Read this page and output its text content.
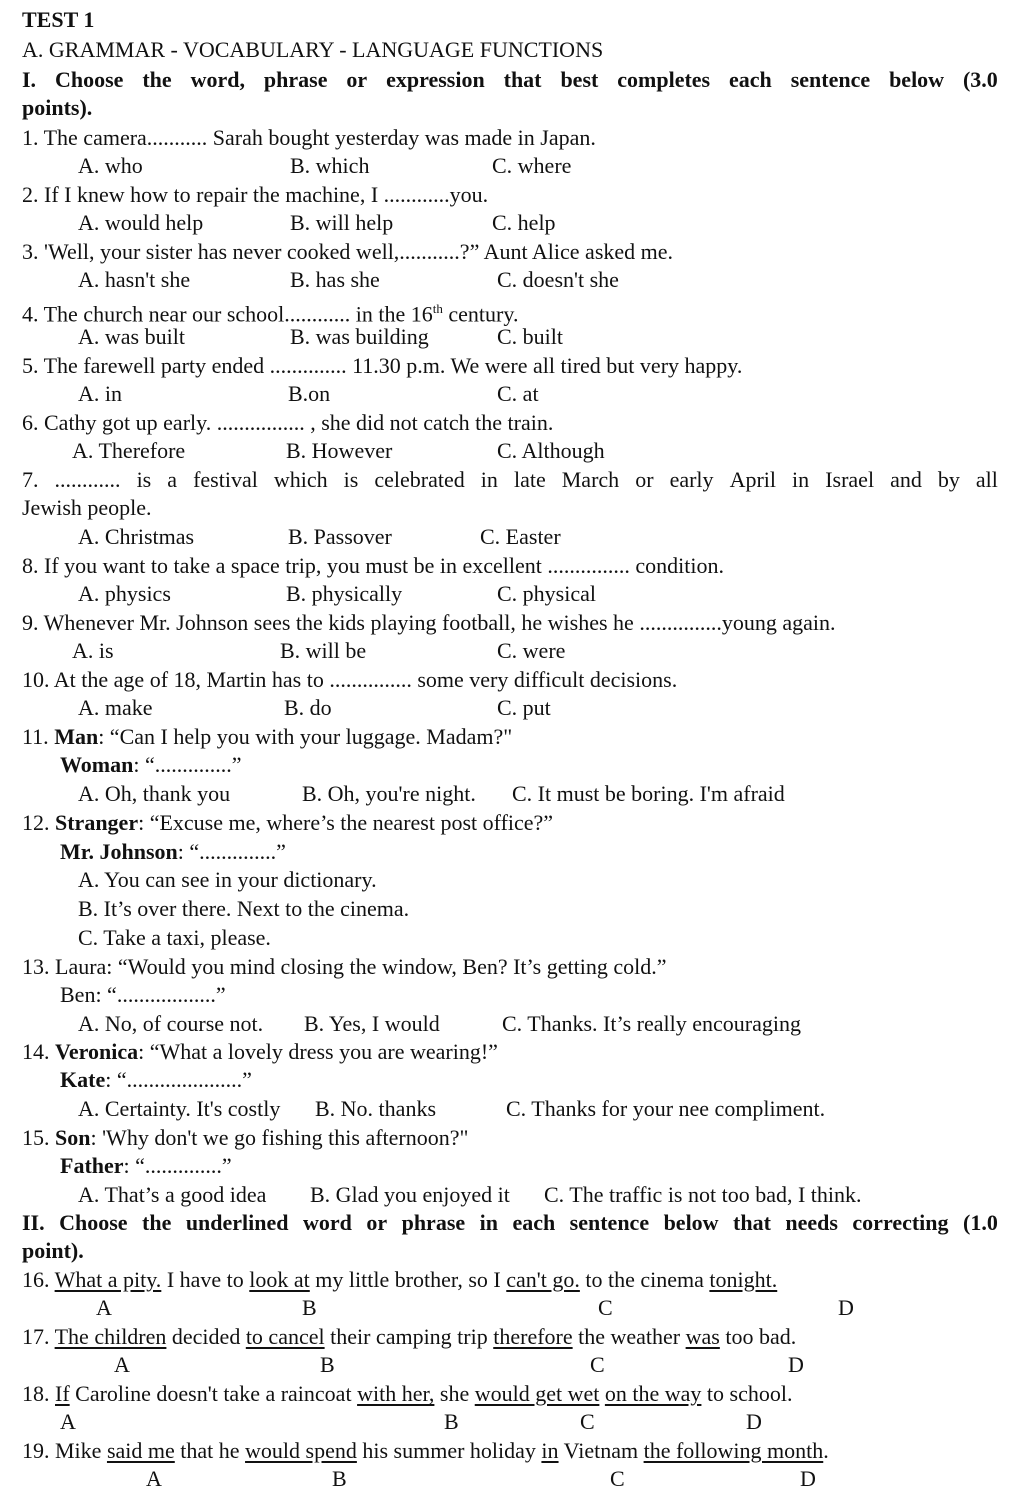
TEST 1
A. GRAMMAR - VOCABULARY - LANGUAGE FUNCTIONS
I. Choose the word, phrase or expression that best completes each sentence below (3.0
points).
1. The camera........... Sarah bought yesterday was made in Japan.
A. who	B. which	C. where
2. If I knew how to repair the machine, I ............you.
A. would help	B. will help	C. help
3. 'Well, your sister has never cooked well,...........?” Aunt Alice asked me.
A. hasn't she	B. has she	C. doesn't she
4. The church near our school............ in the 16th century.
A. was built	B. was building	C. built
5. The farewell party ended .............. 11.30 p.m. We were all tired but very happy.
A. in	B.on	C. at
6. Cathy got up early. ................ , she did not catch the train.
A. Therefore	B. However	C. Although
7. ............ is a festival which is celebrated in late March or early April in Israel and by all
Jewish people.
A. Christmas	B. Passover	C. Easter
8. If you want to take a space trip, you must be in excellent ............... condition.
A. physics	B. physically	C. physical
9. Whenever Mr. Johnson sees the kids playing football, he wishes he ...............young again.
A. is	B. will be	C. were
10. At the age of 18, Martin has to ............... some very difficult decisions.
A. make	B. do	C. put
11. Man: “Can I help you with your luggage. Madam?"
Woman: “..............”
A. Oh, thank you	B. Oh, you're night. C. It must be boring. I'm afraid
12. Stranger: “Excuse me, where’s the nearest post office?”
Mr. Johnson: “..............”
A. You can see in your dictionary.
B. It’s over there. Next to the cinema.
C. Take a taxi, please.
13. Laura: “Would you mind closing the window, Ben? It’s getting cold.”
Ben: “..................”
A. No, of course not. B. Yes, I would	C. Thanks. It’s really encouraging
14. Veronica: “What a lovely dress you are wearing!”
Kate: “.....................”
A. Certainty. It's costly B. No. thanks	C. Thanks for your nee compliment.
15. Son: 'Why don't we go fishing this afternoon?"
Father: “..............”
A. That’s a good idea B. Glad you enjoyed it C. The traffic is not too bad, I think.
II. Choose the underlined word or phrase in each sentence below that needs correcting (1.0
point).
16. What a pity. I have to look at my little brother, so I can't go. to the cinema tonight.
A	B	C	D
17. The children decided to cancel their camping trip therefore the weather was too bad.
A	B	C	D
18. If Caroline doesn't take a raincoat with her, she would get wet on the way to school.
A	B	C	D
19. Mike said me that he would spend his summer holiday in Vietnam the following month.
A	B	C	D
